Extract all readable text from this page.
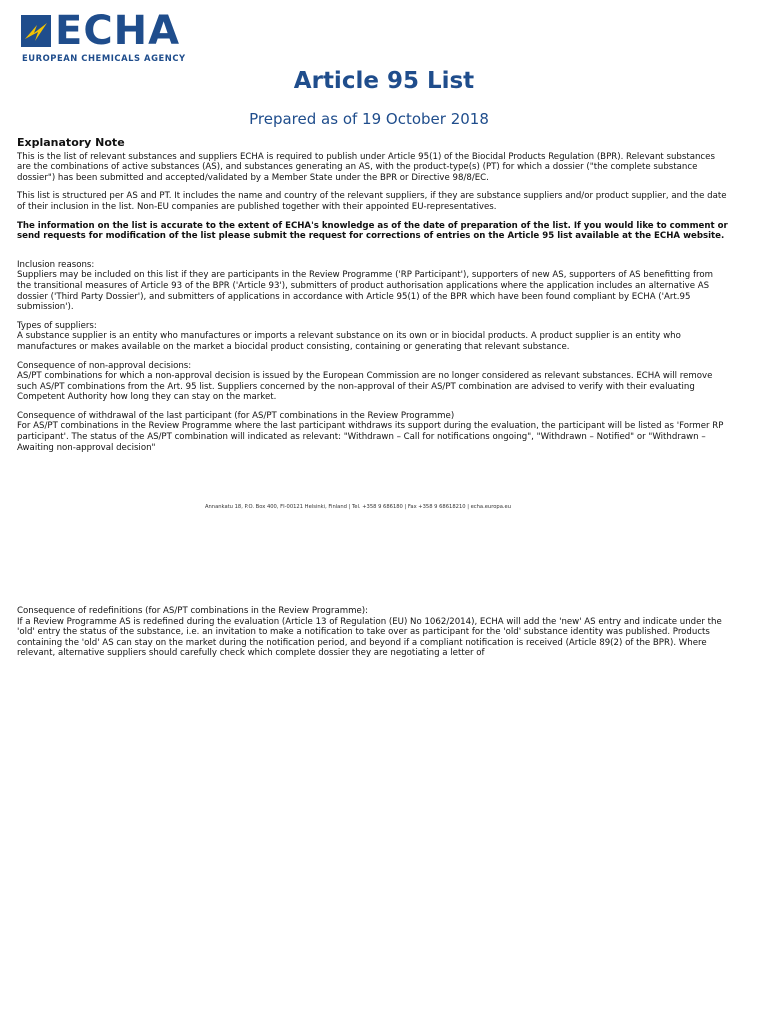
ECHA
EUROPEAN CHEMICALS AGENCY
Article 95 List
Prepared as of 19 October 2018
Explanatory Note
This is the list of relevant substances and suppliers ECHA is required to publish under Article 95(1) of the Biocidal Products Regulation (BPR). Relevant substances are the combinations of active substances (AS), and substances generating an AS, with the product-type(s) (PT) for which a dossier ("the complete substance dossier") has been submitted and accepted/validated by a Member State under the BPR or Directive 98/8/EC.
This list is structured per AS and PT. It includes the name and country of the relevant suppliers, if they are substance suppliers and/or product supplier, and the date of their inclusion in the list. Non-EU companies are published together with their appointed EU-representatives.
The information on the list is accurate to the extent of ECHA's knowledge as of the date of preparation of the list. If you would like to comment or send requests for modification of the list please submit the request for corrections of entries on the Article 95 list available at the ECHA website.
Inclusion reasons:
Suppliers may be included on this list if they are participants in the Review Programme ('RP Participant'), supporters of new AS, supporters of AS benefitting from the transitional measures of Article 93 of the BPR ('Article 93'), submitters of product authorisation applications where the application includes an alternative AS dossier ('Third Party Dossier'), and submitters of applications in accordance with Article 95(1) of the BPR which have been found compliant by ECHA ('Art.95 submission').
Types of suppliers:
A substance supplier is an entity who manufactures or imports a relevant substance on its own or in biocidal products. A product supplier is an entity who manufactures or makes available on the market a biocidal product consisting, containing or generating that relevant substance.
Consequence of non-approval decisions:
AS/PT combinations for which a non-approval decision is issued by the European Commission are no longer considered as relevant substances. ECHA will remove such AS/PT combinations from the Art. 95 list. Suppliers concerned by the non-approval of their AS/PT combination are advised to verify with their evaluating Competent Authority how long they can stay on the market.
Consequence of withdrawal of the last participant (for AS/PT combinations in the Review Programme)
For AS/PT combinations in the Review Programme where the last participant withdraws its support during the evaluation, the participant will be listed as 'Former RP participant'. The status of the AS/PT combination will indicated as relevant: "Withdrawn – Call for notifications ongoing", "Withdrawn – Notified" or "Withdrawn – Awaiting non-approval decision"
Annankatu 18, P.O. Box 400, FI-00121 Helsinki, Finland | Tel. +358 9 686180 | Fax +358 9 68618210 | echa.europa.eu
Consequence of redefinitions (for AS/PT combinations in the Review Programme):
If a Review Programme AS is redefined during the evaluation (Article 13 of Regulation (EU) No 1062/2014), ECHA will add the 'new' AS entry and indicate under the 'old' entry the status of the substance, i.e. an invitation to make a notification to take over as participant for the 'old' substance identity was published. Products containing the 'old' AS can stay on the market during the notification period, and beyond if a compliant notification is received (Article 89(2) of the BPR). Where relevant, alternative suppliers should carefully check which complete dossier they are negotiating a letter of
